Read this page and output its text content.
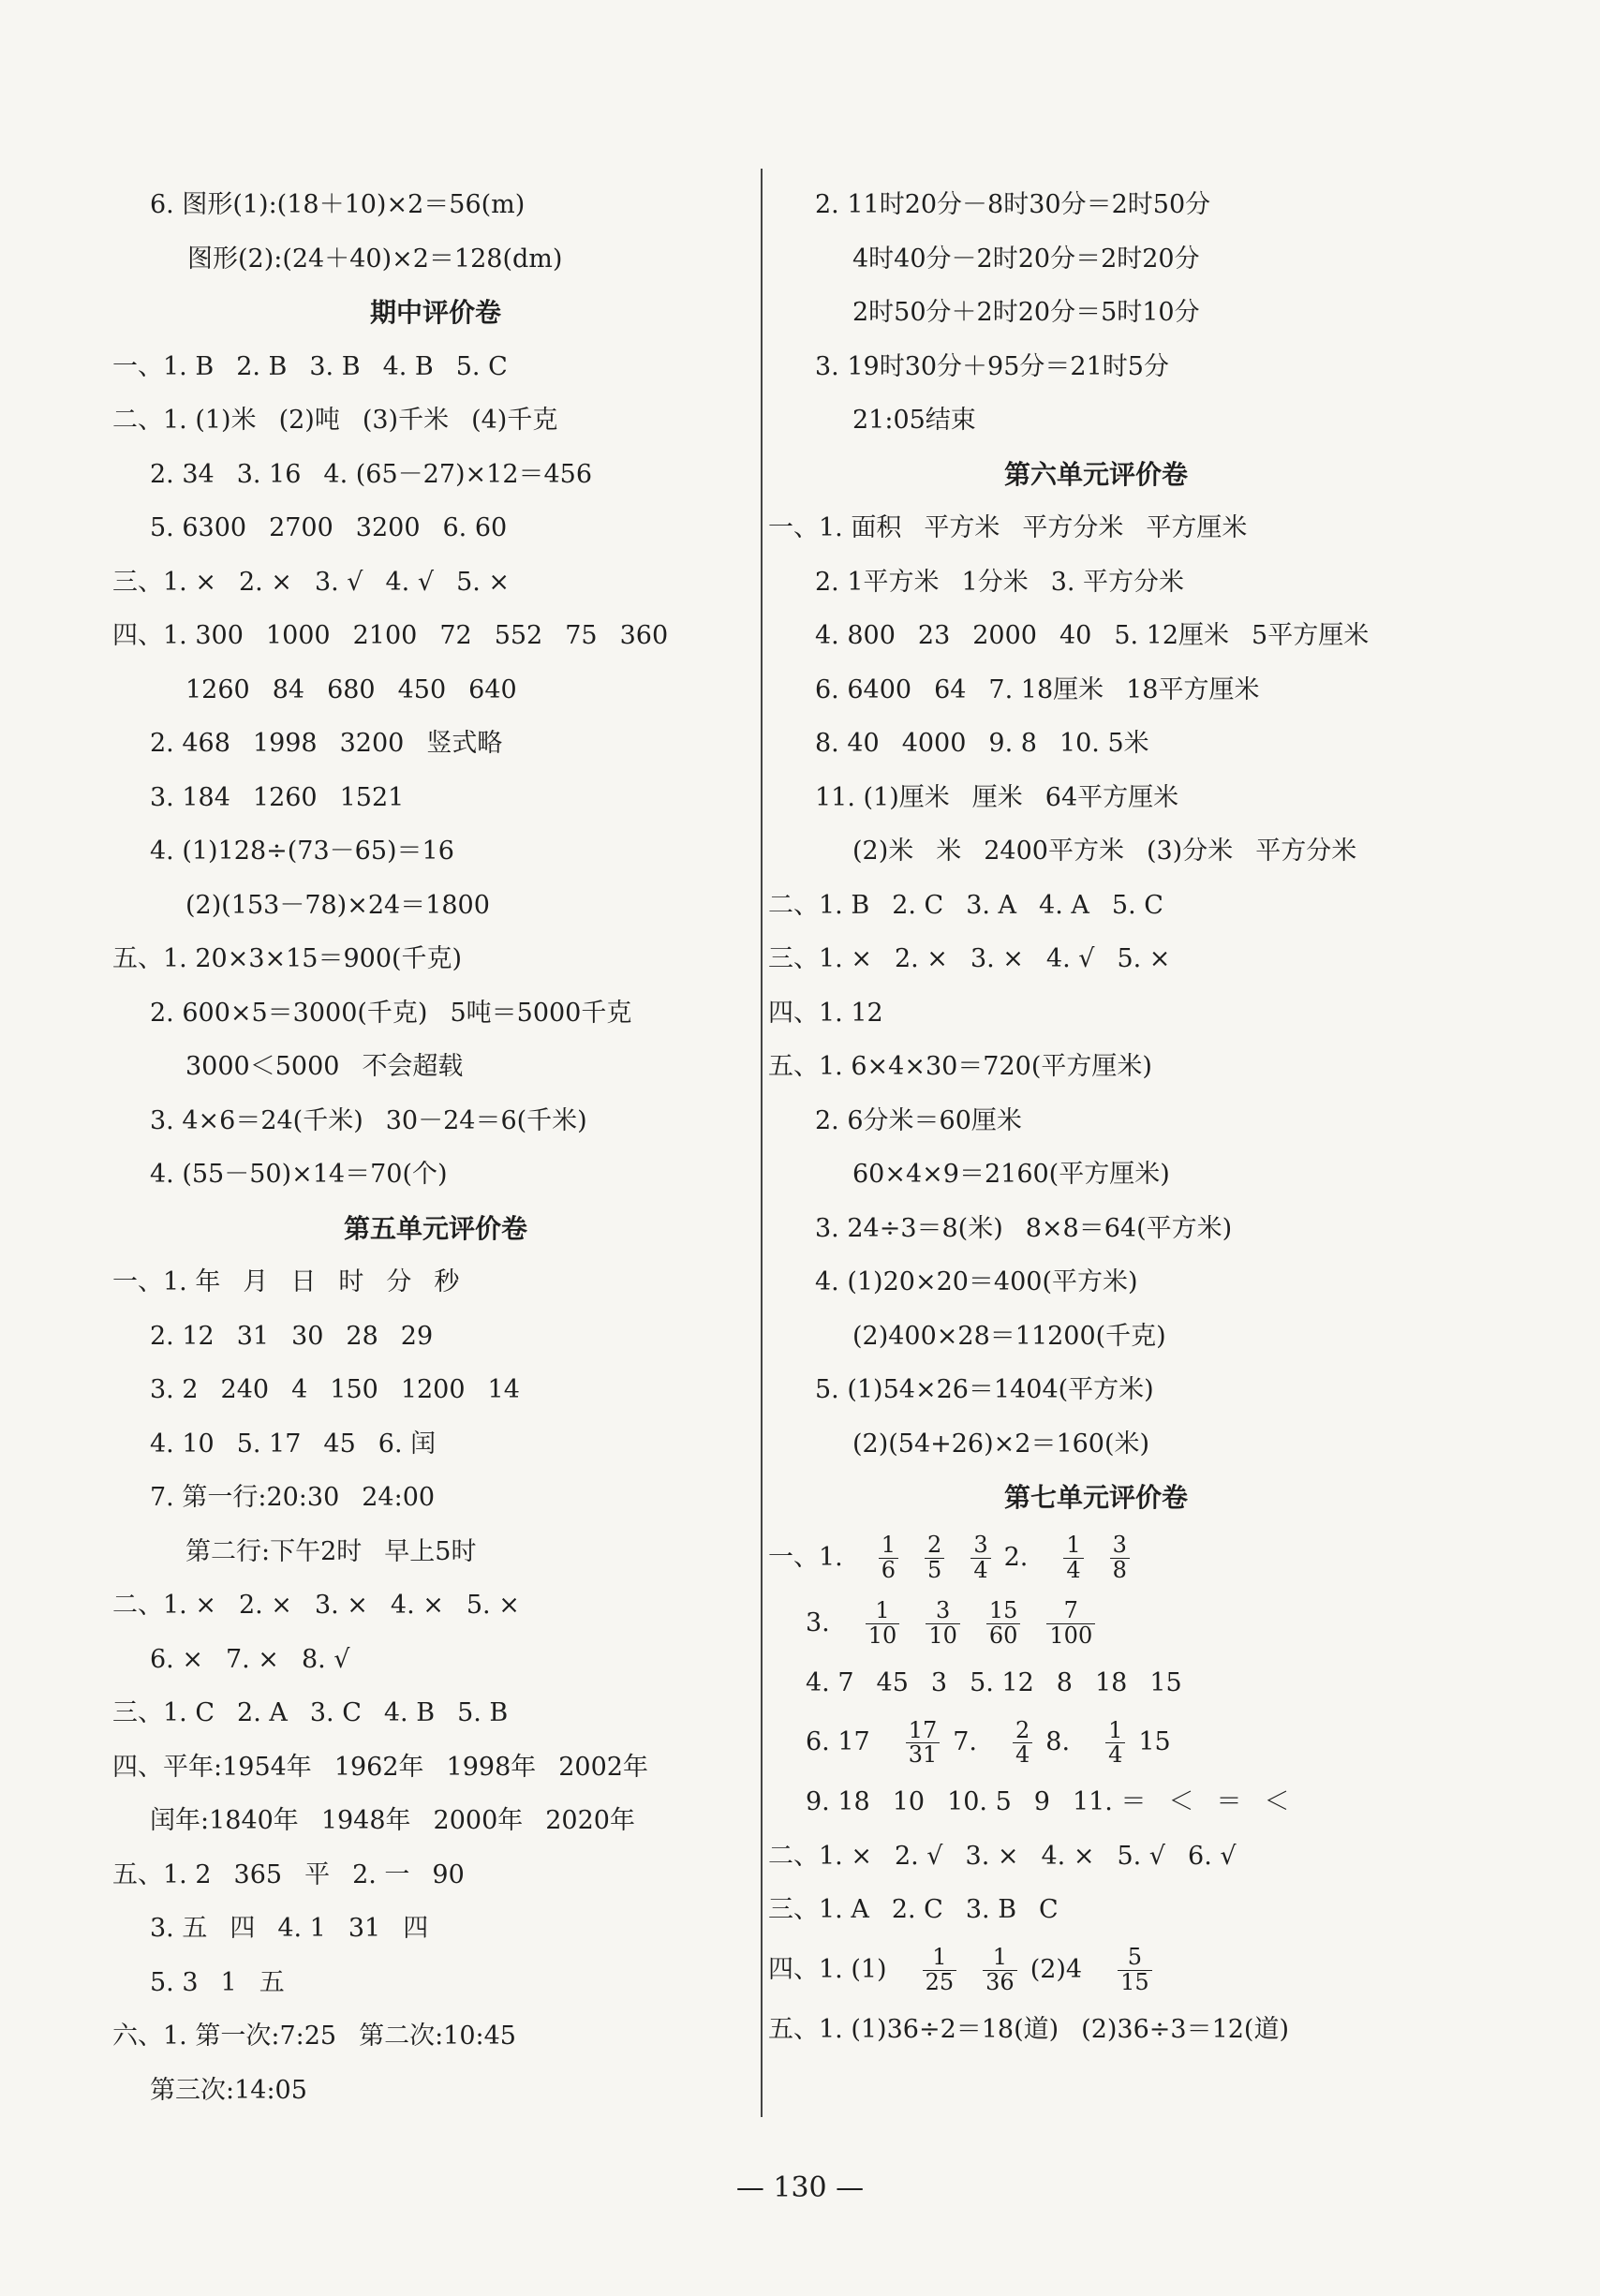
6. 图形(1):(18＋10)×2＝56(m)
图形(2):(24＋40)×2＝128(dm)
期中评价卷
一、1. B 2. B 3. B 4. B 5. C
二、1. (1)米 (2)吨 (3)千米 (4)千克
2. 34 3. 16 4. (65－27)×12＝456
5. 6300 2700 3200 6. 60
三、1. × 2. × 3. √ 4. √ 5. ×
四、1. 300 1000 2100 72 552 75 360
1260 84 680 450 640
2. 468 1998 3200 竖式略
3. 184 1260 1521
4. (1)128÷(73－65)＝16
(2)(153－78)×24＝1800
五、1. 20×3×15＝900(千克)
2. 600×5＝3000(千克) 5吨＝5000千克
3000＜5000 不会超载
3. 4×6＝24(千米) 30－24＝6(千米)
4. (55－50)×14＝70(个)
第五单元评价卷
一、1. 年 月 日 时 分 秒
2. 12 31 30 28 29
3. 2 240 4 150 1200 14
4. 10 5. 17 45 6. 闰
7. 第一行:20:30 24:00
第二行:下午2时 早上5时
二、1. × 2. × 3. × 4. × 5. ×
6. × 7. × 8. √
三、1. C 2. A 3. C 4. B 5. B
四、平年:1954年 1962年 1998年 2002年
闰年:1840年 1948年 2000年 2020年
五、1. 2 365 平 2. 一 90
3. 五 四 4. 1 31 四
5. 3 1 五
六、1. 第一次:7:25 第二次:10:45
第三次:14:05
2. 11时20分－8时30分＝2时50分
4时40分－2时20分＝2时20分
2时50分＋2时20分＝5时10分
3. 19时30分＋95分＝21时5分
21:05结束
第六单元评价卷
一、1. 面积 平方米 平方分米 平方厘米
2. 1平方米 1分米 3. 平方分米
4. 800 23 2000 40 5. 12厘米 5平方厘米
6. 6400 64 7. 18厘米 18平方厘米
8. 40 4000 9. 8 10. 5米
11. (1)厘米 厘米 64平方厘米
(2)米 米 2400平方米 (3)分米 平方分米
二、1. B 2. C 3. A 4. A 5. C
三、1. × 2. × 3. × 4. √ 5. ×
四、1. 12
五、1. 6×4×30＝720(平方厘米)
2. 6分米＝60厘米
60×4×9＝2160(平方厘米)
3. 24÷3＝8(米) 8×8＝64(平方米)
4. (1)20×20＝400(平方米)
(2)400×28＝11200(千克)
5. (1)54×26＝1404(平方米)
(2)(54+26)×2＝160(米)
第七单元评价卷
一、1. $\frac{1}{6} \frac{2}{5} \frac{3}{4} 2$. $\frac{1}{4} \frac{3}{8}$
3. $\frac{1}{10} \frac{3}{10} \frac{15}{60} \frac{7}{100}$
4. 7 45 3 5. 12 8 18 15
6. $17 \frac{17}{31} 7$. $\frac{2}{4} 8$. $\frac{1}{4} 15$
9. 18 10 10. 5 9 11. ＝ ＜ ＝ ＜
二、1. × 2. √ 3. × 4. × 5. √ 6. √
三、1. A 2. C 3. B C
四、1. $(1) \frac{1}{25} \frac{1}{36} (2)4 \frac{5}{15}$
五、1. (1)36÷2＝18(道) (2)36÷3＝12(道)
— 130 —
